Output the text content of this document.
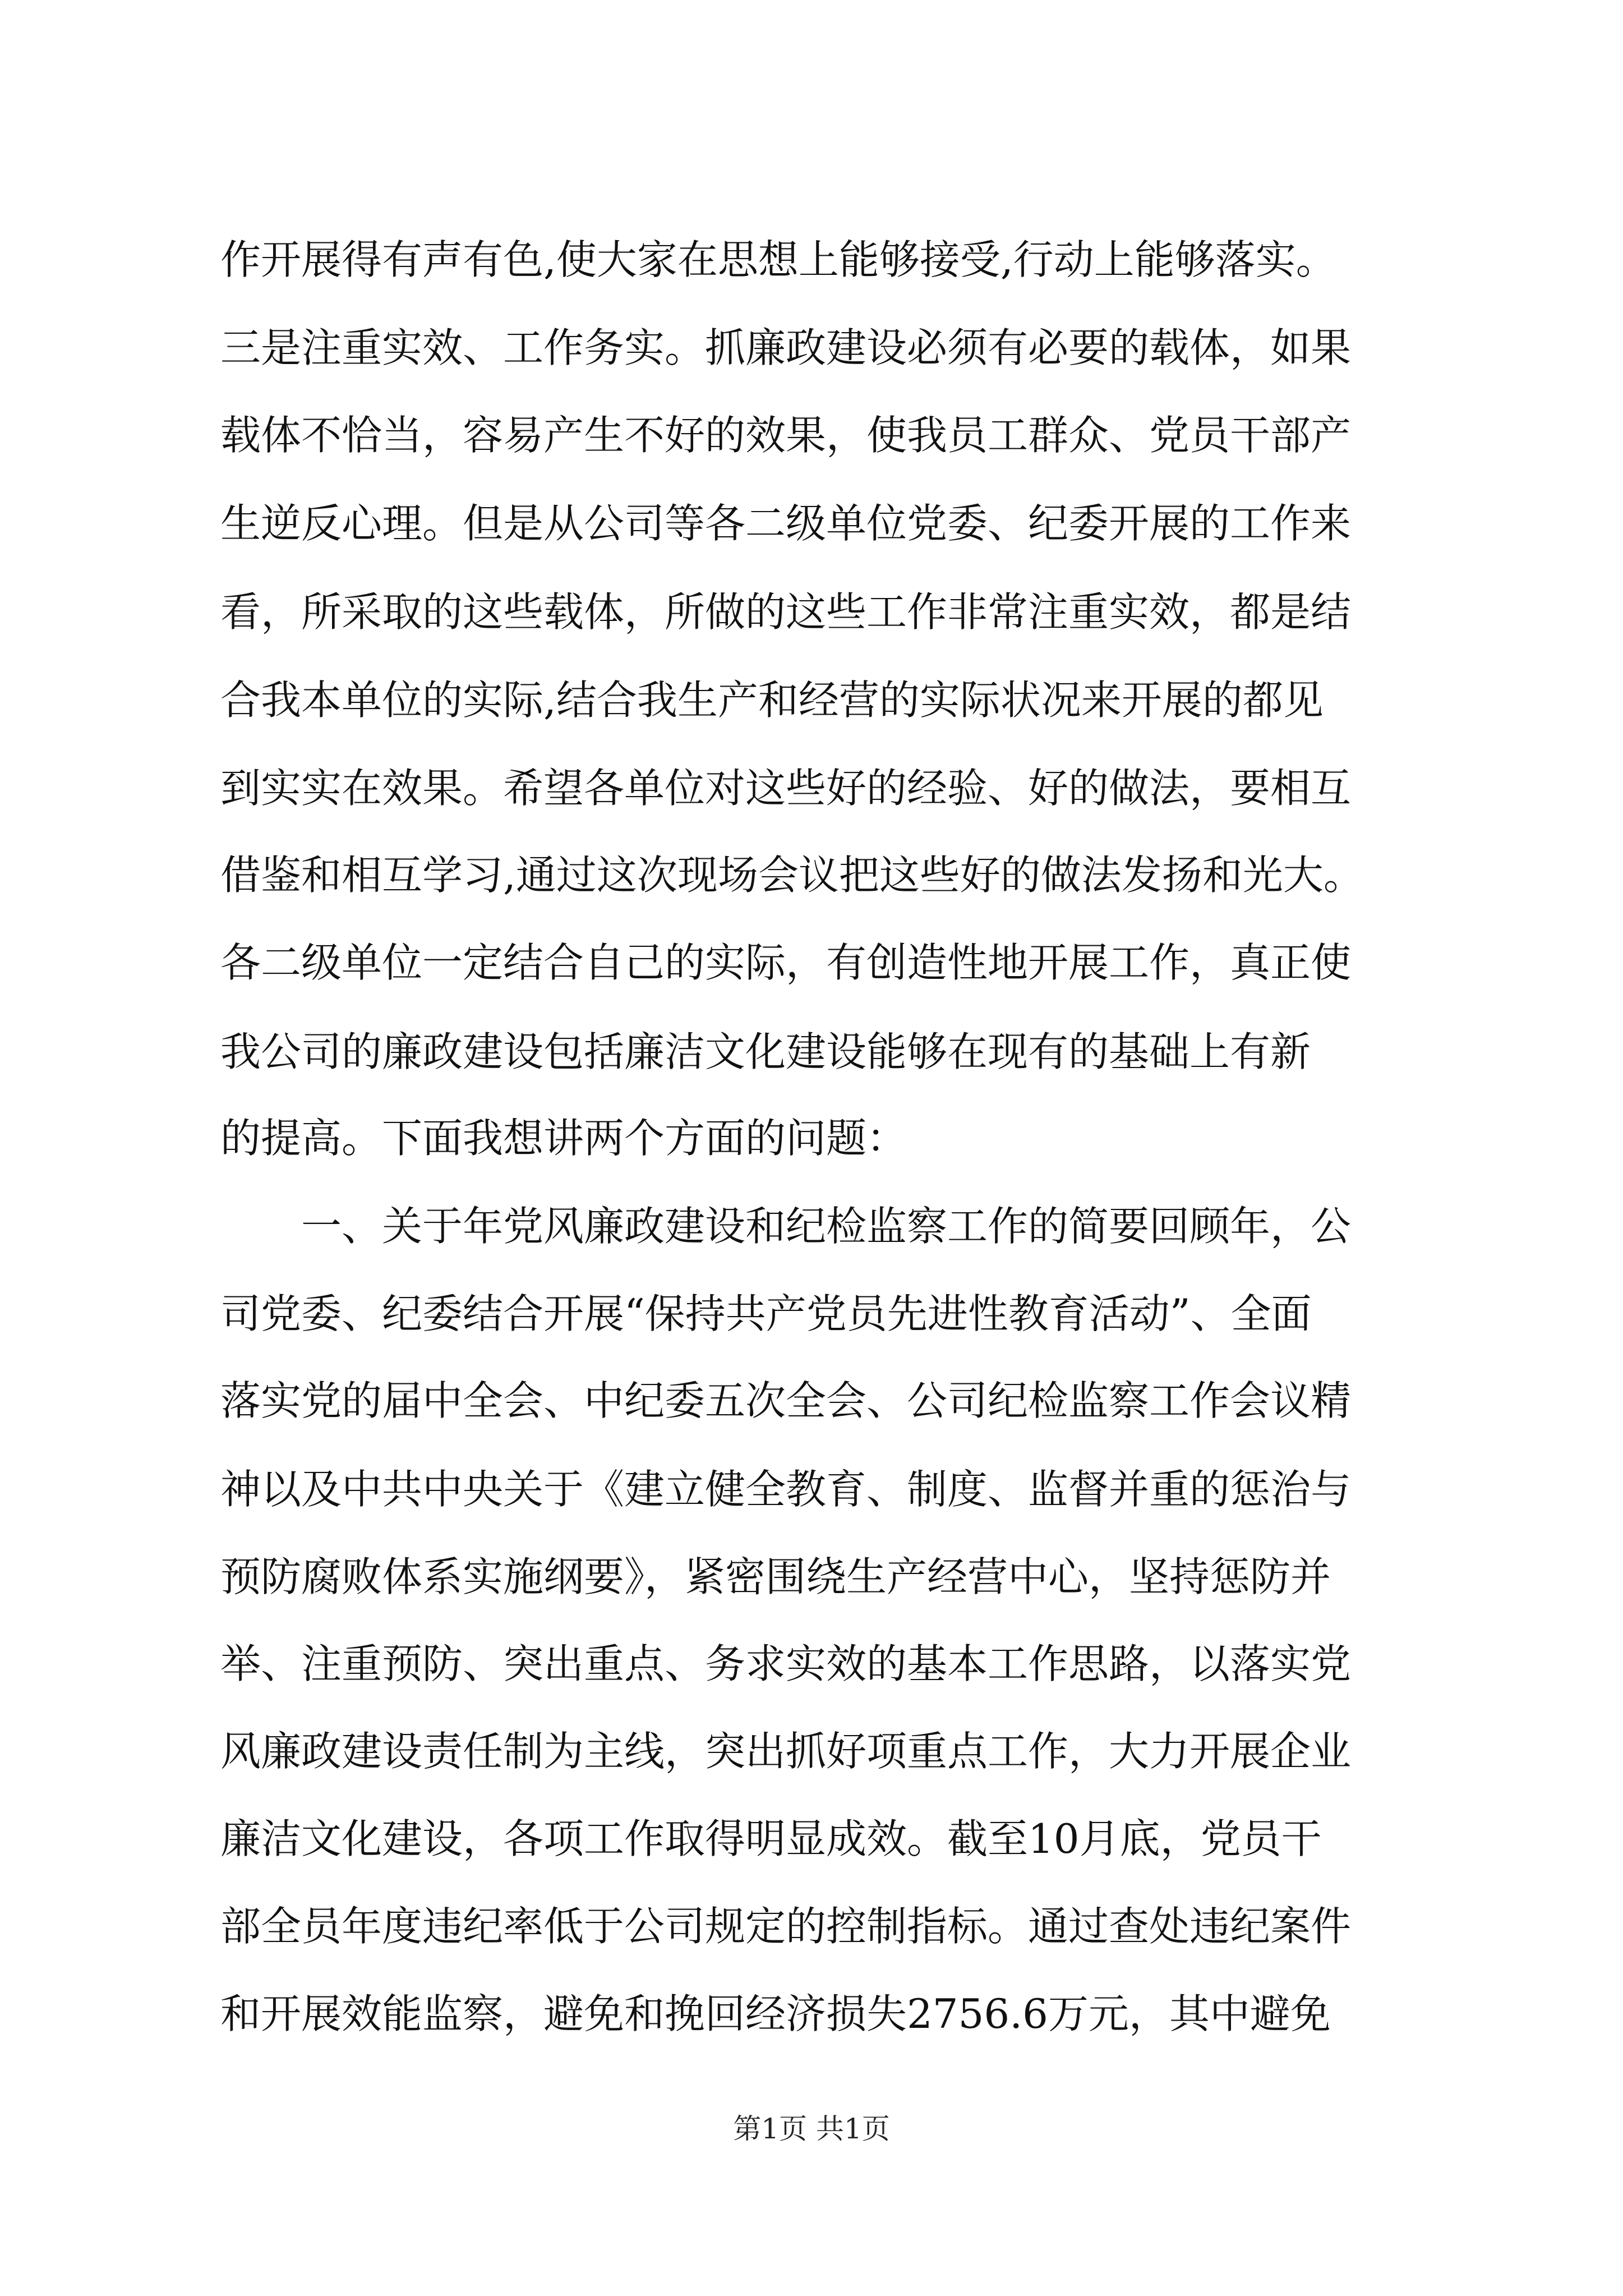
作开展得有声有色,使大家在思想上能够接受,行动上能够落实。
三是注重实效、工作务实。抓廉政建设必须有必要的载体，如果
载体不恰当，容易产生不好的效果，使我员工群众、党员干部产
生逆反心理。但是从公司等各二级单位党委、纪委开展的工作来
看，所采取的这些载体，所做的这些工作非常注重实效，都是结
合我本单位的实际,结合我生产和经营的实际状况来开展的都见
到实实在效果。希望各单位对这些好的经验、好的做法，要相互
借鉴和相互学习,通过这次现场会议把这些好的做法发扬和光大。
各二级单位一定结合自己的实际，有创造性地开展工作，真正使
我公司的廉政建设包括廉洁文化建设能够在现有的基础上有新
的提高。下面我想讲两个方面的问题：
一、关于年党风廉政建设和纪检监察工作的简要回顾年，公
司党委、纪委结合开展“保持共产党员先进性教育活动”、全面
落实党的届中全会、中纪委五次全会、公司纪检监察工作会议精
神以及中共中央关于《建立健全教育、制度、监督并重的惩治与
预防腐败体系实施纲要》，紧密围绕生产经营中心，坚持惩防并
举、注重预防、突出重点、务求实效的基本工作思路，以落实党
风廉政建设责任制为主线，突出抓好项重点工作，大力开展企业
廉洁文化建设，各项工作取得明显成效。截至10月底，党员干
部全员年度违纪率低于公司规定的控制指标。通过查处违纪案件
和开展效能监察，避免和挽回经济损失2756.6万元，其中避免
第1页 共1页
